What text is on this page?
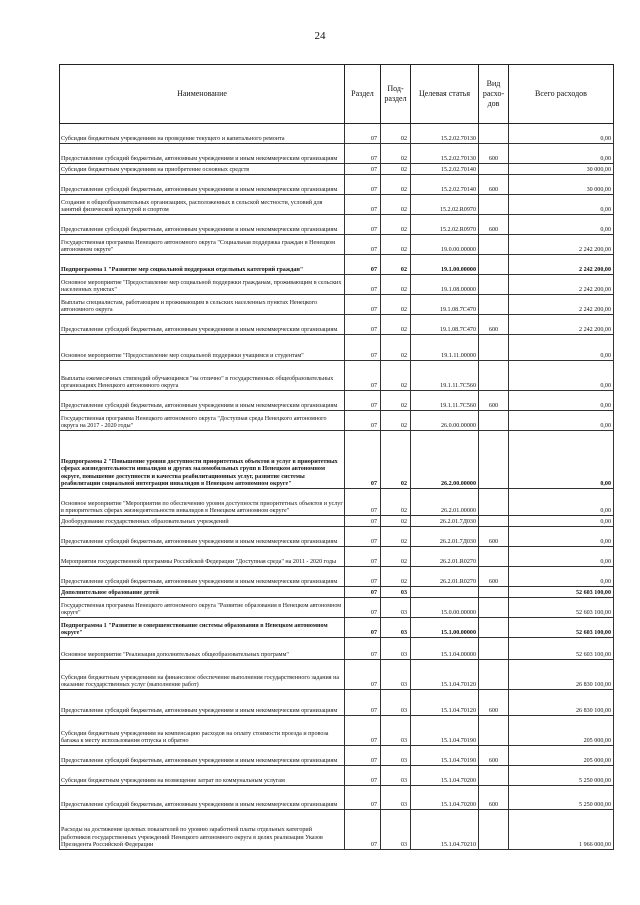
24
Наименование	Раздел	Под-раздел	Целевая статья	Вид расхо-дов	Всего расходов
Субсидии бюджетным учреждениям на проведение текущего и капитального ремонта	07	02	15.2.02.70130		0,00
Предоставление субсидий бюджетным, автономным учреждениям и иным некоммерческим организациям	07	02	15.2.02.70130	600	0,00
Субсидии бюджетным учреждениям на приобретение основных средств	07	02	15.2.02.70140		30 000,00
Предоставление субсидий бюджетным, автономным учреждениям и иным некоммерческим организациям	07	02	15.2.02.70140	600	30 000,00
Создание в общеобразовательных организациях, расположенных в сельской местности, условий для занятий физической культурой и спортом	07	02	15.2.02.R0970		0,00
Предоставление субсидий бюджетным, автономным учреждениям и иным некоммерческим организациям	07	02	15.2.02.R0970	600	0,00
Государственная программа Ненецкого автономного округа "Социальная поддержка граждан в Ненецком автономном округе"	07	02	19.0.00.00000		2 242 200,00
Подпрограмма 1 "Развитие мер социальной поддержки отдельных категорий граждан"	07	02	19.1.00.00000		2 242 200,00
Основное мероприятие "Предоставление мер социальной поддержки гражданам, проживающим в сельских населенных пунктах"	07	02	19.1.08.00000		2 242 200,00
Выплаты специалистам, работающим и проживающим в сельских населенных пунктах Ненецкого автономного округа	07	02	19.1.08.7С470		2 242 200,00
Предоставление субсидий бюджетным, автономным учреждениям и иным некоммерческим организациям	07	02	19.1.08.7С470	600	2 242 200,00
Основное мероприятие "Предоставление мер социальной поддержки учащимся и студентам"	07	02	19.1.11.00000		0,00
Выплаты ежемесячных стипендий обучающимся "на отлично" в государственных общеобразовательных организациях Ненецкого автономного округа	07	02	19.1.11.7С560		0,00
Предоставление субсидий бюджетным, автономным учреждениям и иным некоммерческим организациям	07	02	19.1.11.7С560	600	0,00
Государственная программа Ненецкого автономного округа "Доступная среда Ненецкого автономного округа на 2017 - 2020 годы"	07	02	26.0.00.00000		0,00
Подпрограмма 2 "Повышение уровня доступности приоритетных объектов и услуг в приоритетных сферах жизнедеятельности инвалидов и других маломобильных групп в Ненецком автономном округе, повышение доступности и качества реабилитационных услуг, развитие системы реабилитации социальной интеграции инвалидов в Ненецком автономном округе"	07	02	26.2.00.00000		0,00
Основное мероприятие "Мероприятия по обеспечению уровня доступности приоритетных объектов и услуг в приоритетных сферах жизнедеятельности инвалидов в Ненецком автономном округе"	07	02	26.2.01.00000		0,00
Дооборудование государственных образовательных учреждений	07	02	26.2.01.7Д030		0,00
Предоставление субсидий бюджетным, автономным учреждениям и иным некоммерческим организациям	07	02	26.2.01.7Д030	600	0,00
Мероприятия государственной программы Российской Федерации "Доступная среда" на 2011 - 2020 годы	07	02	26.2.01.R0270		0,00
Предоставление субсидий бюджетным, автономным учреждениям и иным некоммерческим организациям	07	02	26.2.01.R0270	600	0,00
Дополнительное образование детей	07	03			52 603 100,00
Государственная программа Ненецкого автономного округа "Развитие образования в Ненецком автономном округе"	07	03	15.0.00.00000		52 603 100,00
Подпрограмма 1 "Развитие и совершенствование системы образования в Ненецком автономном округе"	07	03	15.1.00.00000		52 603 100,00
Основное мероприятие "Реализация дополнительных общеобразовательных программ"	07	03	15.1.04.00000		52 603 100,00
Субсидии бюджетным учреждениям на финансовое обеспечение выполнения государственного задания на оказание государственных услуг (выполнение работ)	07	03	15.1.04.70120		26 830 100,00
Предоставление субсидий бюджетным, автономным учреждениям и иным некоммерческим организациям	07	03	15.1.04.70120	600	26 830 100,00
Субсидии бюджетным учреждениям на компенсацию расходов на оплату стоимости проезда и провоза багажа к месту использования отпуска и обратно	07	03	15.1.04.70190		205 000,00
Предоставление субсидий бюджетным, автономным учреждениям и иным некоммерческим организациям	07	03	15.1.04.70190	600	205 000,00
Субсидии бюджетным учреждениям на возмещение затрат по коммунальным услугам	07	03	15.1.04.70200		5 250 000,00
Предоставление субсидий бюджетным, автономным учреждениям и иным некоммерческим организациям	07	03	15.1.04.70200	600	5 250 000,00
Расходы на достижение целевых показателей по уровню заработной платы отдельных категорий работников государственных учреждений Ненецкого автономного округа в целях реализации Указов Президента Российской Федерации	07	03	15.1.04.70210		1 966 000,00
